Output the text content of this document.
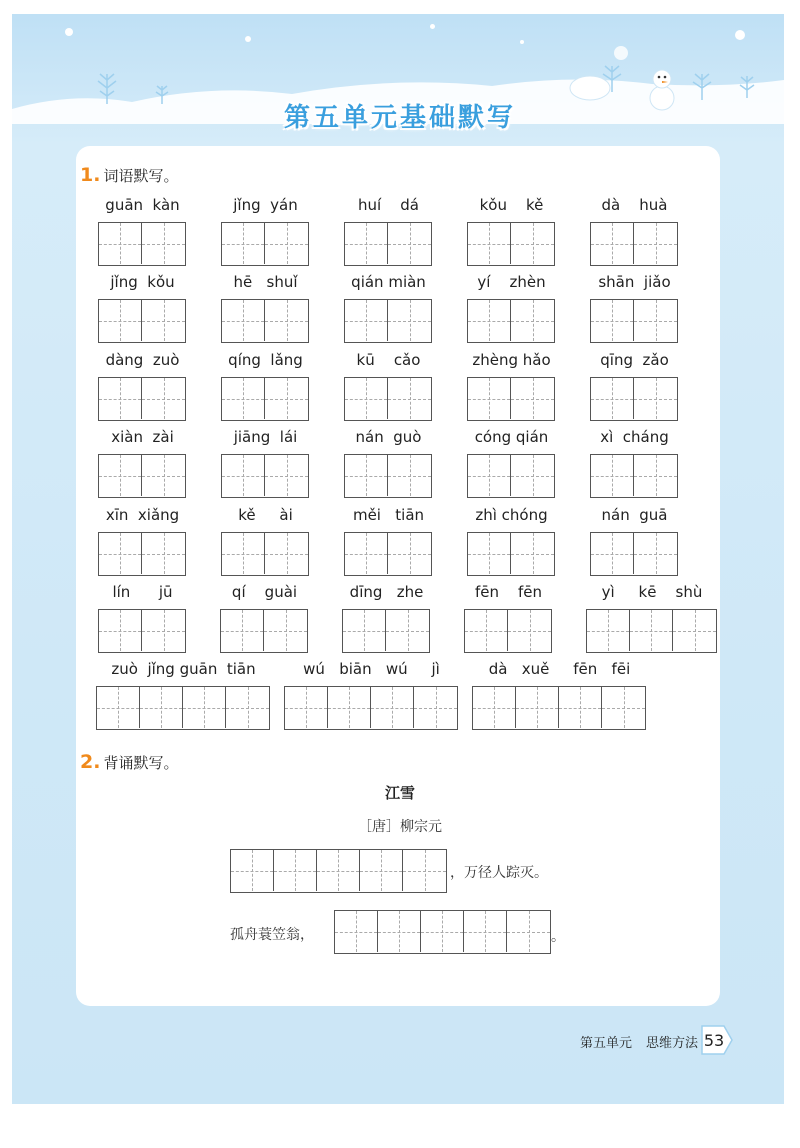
第五单元基础默写
1. 词语默写。
guān  kàn	jǐng  yán	huí    dá	kǒu    kě	dà    huà
jǐng  kǒu	hē   shuǐ	qián miàn	yí    zhèn	shān  jiǎo
dàng  zuò	qíng  lǎng	kū    cǎo	zhèng hǎo	qīng  zǎo
xiàn  zài	jiāng  lái	nán  guò	cóng qián	xì  cháng
xīn  xiǎng	kě     ài	měi   tiān	zhì chóng	nán  guā
lín      jū	qí    guài	dīng   zhe	fēn    fēn	yì     kē    shù
zuò  jǐng guān  tiān	wú   biān   wú     jì	dà   xuě     fēn   fēi
2. 背诵默写。
江雪
［唐］柳宗元
，万径人踪灭。
孤舟蓑笠翁，	。
第五单元 思维方法 53
